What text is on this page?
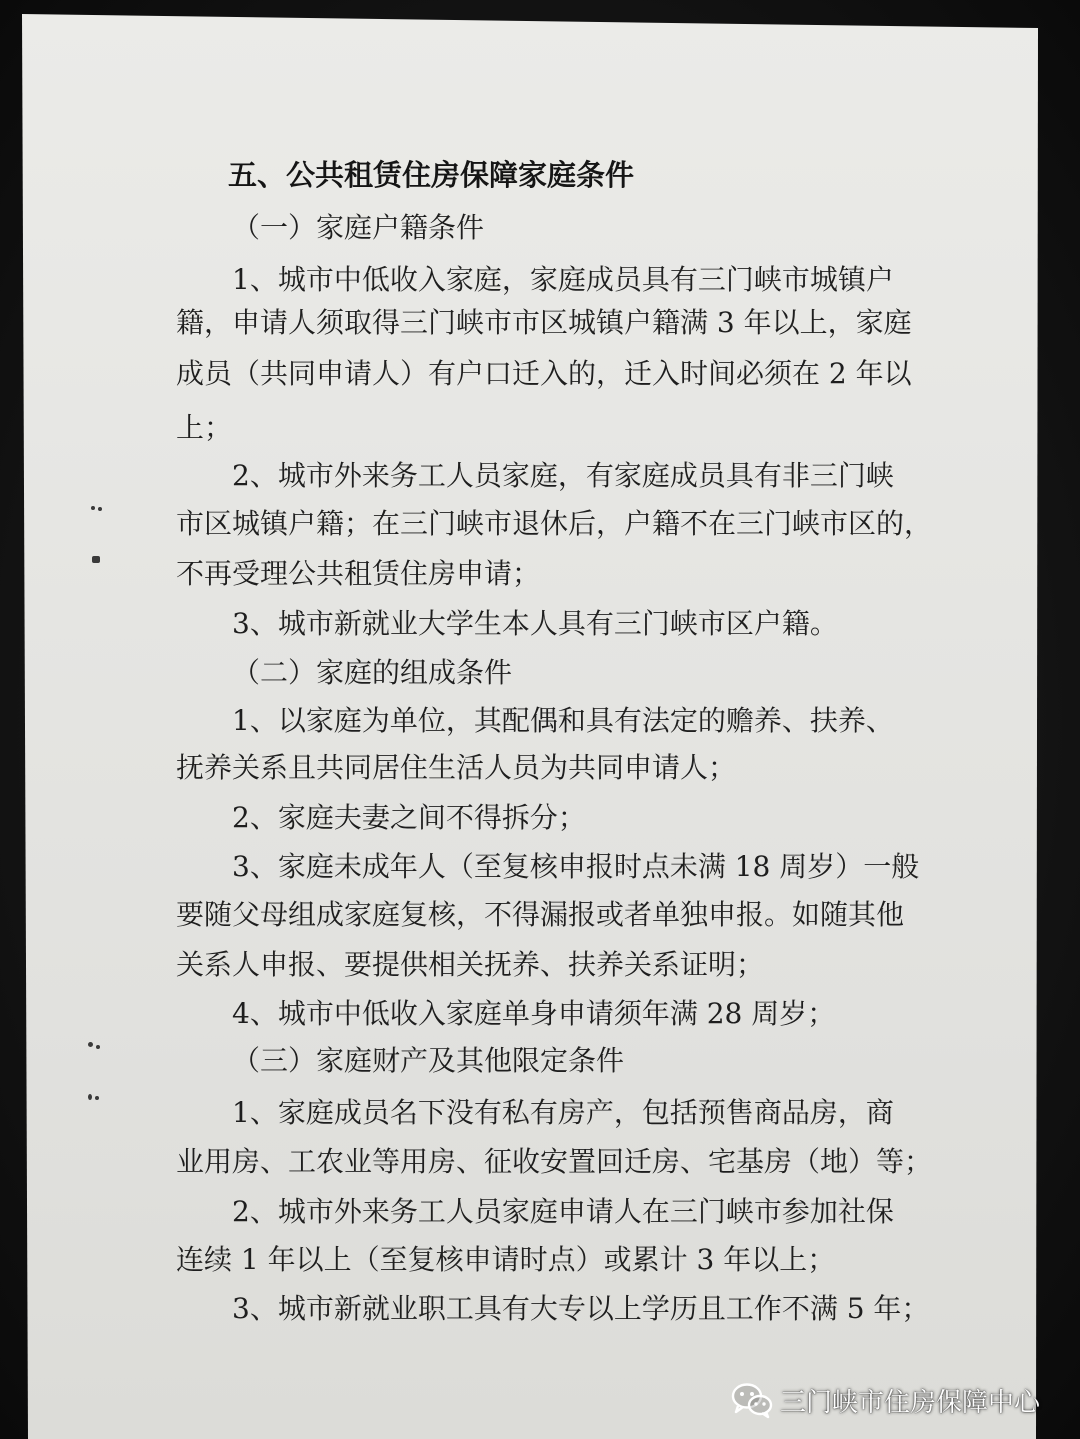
五、公共租赁住房保障家庭条件
（一）家庭户籍条件
1、城市中低收入家庭，家庭成员具有三门峡市城镇户
籍，申请人须取得三门峡市市区城镇户籍满 3 年以上，家庭
成员（共同申请人）有户口迁入的，迁入时间必须在 2 年以
上；
2、城市外来务工人员家庭，有家庭成员具有非三门峡
市区城镇户籍；在三门峡市退休后，户籍不在三门峡市区的，
不再受理公共租赁住房申请；
3、城市新就业大学生本人具有三门峡市区户籍。
（二）家庭的组成条件
1、以家庭为单位，其配偶和具有法定的赡养、扶养、
抚养关系且共同居住生活人员为共同申请人；
2、家庭夫妻之间不得拆分；
3、家庭未成年人（至复核申报时点未满 18 周岁）一般
要随父母组成家庭复核，不得漏报或者单独申报。如随其他
关系人申报、要提供相关抚养、扶养关系证明；
4、城市中低收入家庭单身申请须年满 28 周岁；
（三）家庭财产及其他限定条件
1、家庭成员名下没有私有房产，包括预售商品房，商
业用房、工农业等用房、征收安置回迁房、宅基房（地）等；
2、城市外来务工人员家庭申请人在三门峡市参加社保
连续 1 年以上（至复核申请时点）或累计 3 年以上；
3、城市新就业职工具有大专以上学历且工作不满 5 年；
三门峡市住房保障中心
